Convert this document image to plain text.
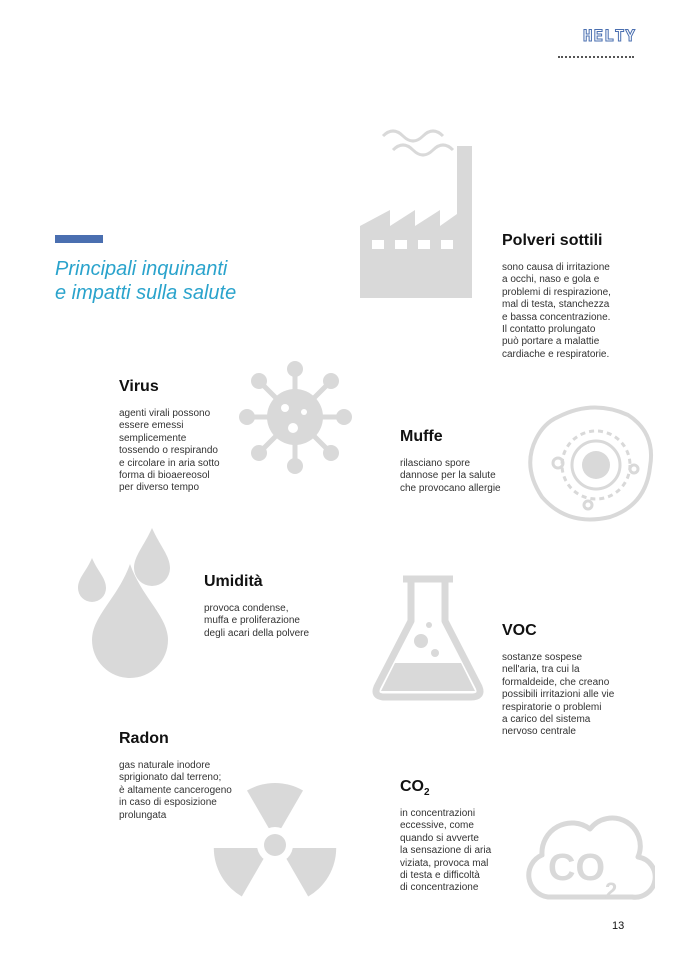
HELTY
Principali inquinanti
e impatti sulla salute
Polveri sottili
sono causa di irritazione
a occhi, naso e gola e
problemi di respirazione,
mal di testa, stanchezza
e bassa concentrazione.
Il contatto prolungato
può portare a malattie
cardiache e respiratorie.
Virus
agenti virali possono
essere emessi
semplicemente
tossendo o respirando
e circolare in aria sotto
forma di bioaereosol
per diverso tempo
Muffe
rilasciano spore
dannose per la salute
che provocano allergie
Umidità
provoca condense,
muffa e proliferazione
degli acari della polvere	VOC
sostanze sospese
nell'aria, tra cui la
formaldeide, che creano
possibili irritazioni alle vie
respiratorie o problemi
a carico del sistema
nervoso centrale
Radon
gas naturale inodore
sprigionato dal terreno;
è altamente cancerogeno
in caso di esposizione
prolungata
$CO_2$
in concentrazioni
eccessive, come
quando si avverte
la sensazione di aria
viziata, provoca mal
di testa e difficoltà
di concentrazione	$CO_2$
13
